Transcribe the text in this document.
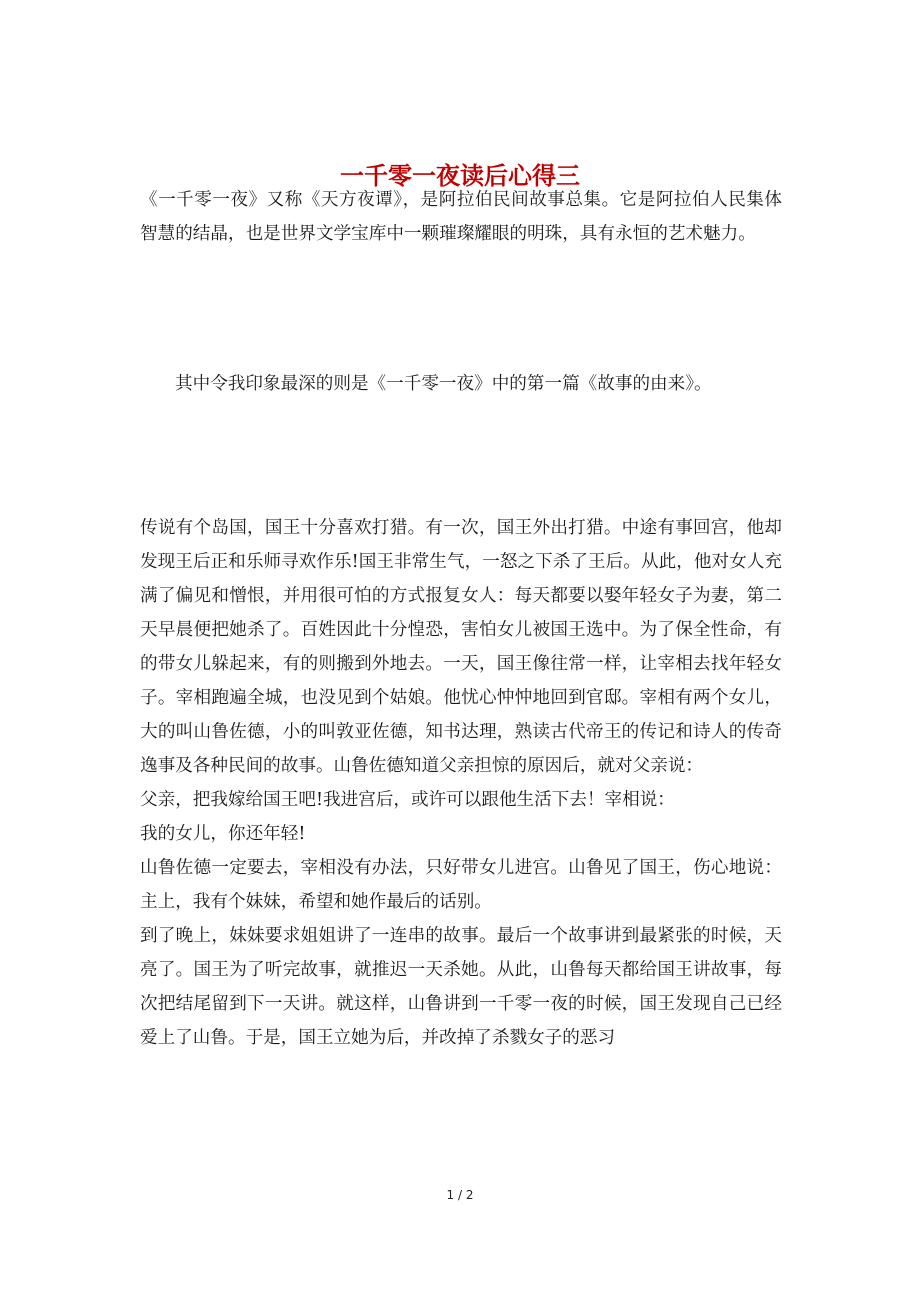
一千零一夜读后心得三

《一千零一夜》又称《天方夜谭》，是阿拉伯民间故事总集。它是阿拉伯人民集体智慧的结晶，也是世界文学宝库中一颗璀璨耀眼的明珠，具有永恒的艺术魅力。

其中令我印象最深的则是《一千零一夜》中的第一篇《故事的由来》。

传说有个岛国，国王十分喜欢打猎。有一次，国王外出打猎。中途有事回宫，他却发现王后正和乐师寻欢作乐!国王非常生气，一怒之下杀了王后。从此，他对女人充满了偏见和憎恨，并用很可怕的方式报复女人：每天都要以娶年轻女子为妻，第二天早晨便把她杀了。百姓因此十分惶恐，害怕女儿被国王选中。为了保全性命，有的带女儿躲起来，有的则搬到外地去。一天，国王像往常一样，让宰相去找年轻女子。宰相跑遍全城，也没见到个姑娘。他忧心忡忡地回到官邸。宰相有两个女儿，大的叫山鲁佐德，小的叫敦亚佐德，知书达理，熟读古代帝王的传记和诗人的传奇逸事及各种民间的故事。山鲁佐德知道父亲担惊的原因后，就对父亲说：
父亲，把我嫁给国王吧!我进宫后，或许可以跟他生活下去！宰相说：
我的女儿，你还年轻!
山鲁佐德一定要去，宰相没有办法，只好带女儿进宫。山鲁见了国王，伤心地说： 主上，我有个妹妹，希望和她作最后的话别。
到了晚上，妹妹要求姐姐讲了一连串的故事。最后一个故事讲到最紧张的时候，天亮了。国王为了听完故事，就推迟一天杀她。从此，山鲁每天都给国王讲故事，每次把结尾留到下一天讲。就这样，山鲁讲到一千零一夜的时候，国王发现自己已经爱上了山鲁。于是，国王立她为后，并改掉了杀戮女子的恶习
1 / 2
